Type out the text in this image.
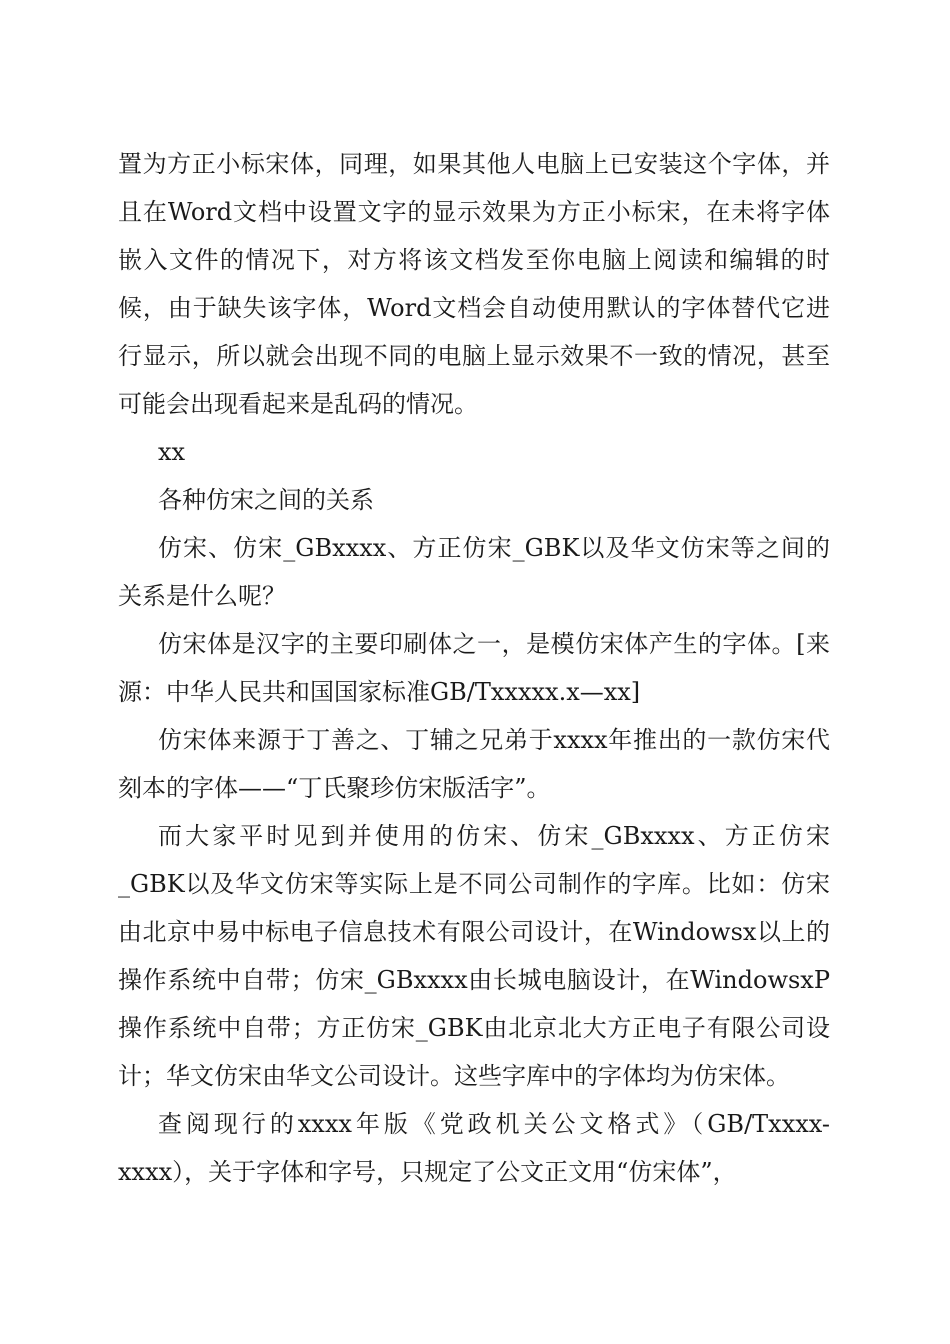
置为方正小标宋体，同理，如果其他人电脑上已安装这个字体，并且在Word文档中设置文字的显示效果为方正小标宋，在未将字体嵌入文件的情况下，对方将该文档发至你电脑上阅读和编辑的时候，由于缺失该字体，Word文档会自动使用默认的字体替代它进行显示，所以就会出现不同的电脑上显示效果不一致的情况，甚至可能会出现看起来是乱码的情况。

xx

各种仿宋之间的关系

仿宋、仿宋_GBxxxx、方正仿宋_GBK以及华文仿宋等之间的关系是什么呢？

仿宋体是汉字的主要印刷体之一，是模仿宋体产生的字体。[来源：中华人民共和国国家标准GB/Txxxxx.x—xx]

仿宋体来源于丁善之、丁辅之兄弟于xxxx年推出的一款仿宋代刻本的字体——“丁氏聚珍仿宋版活字”。

而大家平时见到并使用的仿宋、仿宋_GBxxxx、方正仿宋_GBK以及华文仿宋等实际上是不同公司制作的字库。比如：仿宋由北京中易中标电子信息技术有限公司设计，在Windowsx以上的操作系统中自带；仿宋_GBxxxx由长城电脑设计，在WindowsxP操作系统中自带；方正仿宋_GBK由北京北大方正电子有限公司设计；华文仿宋由华文公司设计。这些字库中的字体均为仿宋体。

查阅现行的xxxx年版《党政机关公文格式》（GB/Txxxx-xxxx），关于字体和字号，只规定了公文正文用“仿宋体”，
